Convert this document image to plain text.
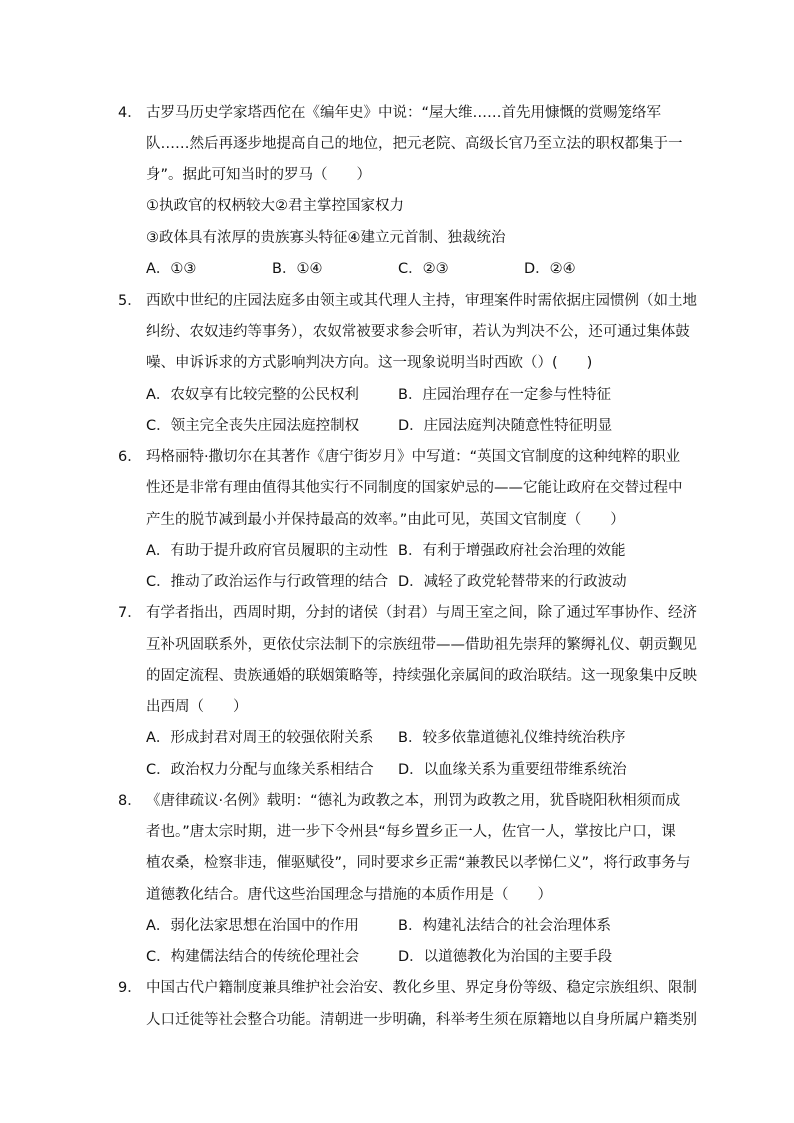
4． 古罗马历史学家塔西佗在《编年史》中说：“屋大维……首先用慷慨的赏赐笼络军
队……然后再逐步地提高自己的地位，把元老院、高级长官乃至立法的职权都集于一
身”。据此可知当时的罗马（　　）
①执政官的权柄较大②君主掌控国家权力
③政体具有浓厚的贵族寡头特征④建立元首制、独裁统治
A．①③	B．①④	C．②③	D．②④
5． 西欧中世纪的庄园法庭多由领主或其代理人主持，审理案件时需依据庄园惯例（如土地
纠纷、农奴违约等事务），农奴常被要求参会听审，若认为判决不公，还可通过集体鼓
噪、申诉诉求的方式影响判决方向。这一现象说明当时西欧（）(　　)
A．农奴享有比较完整的公民权利	B．庄园治理存在一定参与性特征
C．领主完全丧失庄园法庭控制权	D．庄园法庭判决随意性特征明显
6． 玛格丽特·撒切尔在其著作《唐宁街岁月》中写道：“英国文官制度的这种纯粹的职业
性还是非常有理由值得其他实行不同制度的国家妒忌的——它能让政府在交替过程中
产生的脱节减到最小并保持最高的效率。”由此可见，英国文官制度（　　）
A．有助于提升政府官员履职的主动性 B．有利于增强政府社会治理的效能
C．推动了政治运作与行政管理的结合 D．减轻了政党轮替带来的行政波动
7． 有学者指出，西周时期，分封的诸侯（封君）与周王室之间，除了通过军事协作、经济
互补巩固联系外，更依仗宗法制下的宗族纽带——借助祖先崇拜的繁缛礼仪、朝贡觐见
的固定流程、贵族通婚的联姻策略等，持续强化亲属间的政治联结。这一现象集中反映
出西周（　　）
A．形成封君对周王的较强依附关系 B．较多依靠道德礼仪维持统治秩序
C．政治权力分配与血缘关系相结合 D．以血缘关系为重要纽带维系统治
8． 《唐律疏议·名例》载明：“德礼为政教之本，刑罚为政教之用，犹昏晓阳秋相须而成
者也。”唐太宗时期，进一步下令州县“每乡置乡正一人，佐官一人，掌按比户口，课
植农桑，检察非违，催驱赋役”，同时要求乡正需“兼教民以孝悌仁义”，将行政事务与
道德教化结合。唐代这些治国理念与措施的本质作用是（　　）
A．弱化法家思想在治国中的作用	B．构建礼法结合的社会治理体系
C．构建儒法结合的传统伦理社会	D．以道德教化为治国的主要手段
9． 中国古代户籍制度兼具维护社会治安、教化乡里、界定身份等级、稳定宗族组织、限制
人口迁徙等社会整合功能。清朝进一步明确，科举考生须在原籍地以自身所属户籍类别
